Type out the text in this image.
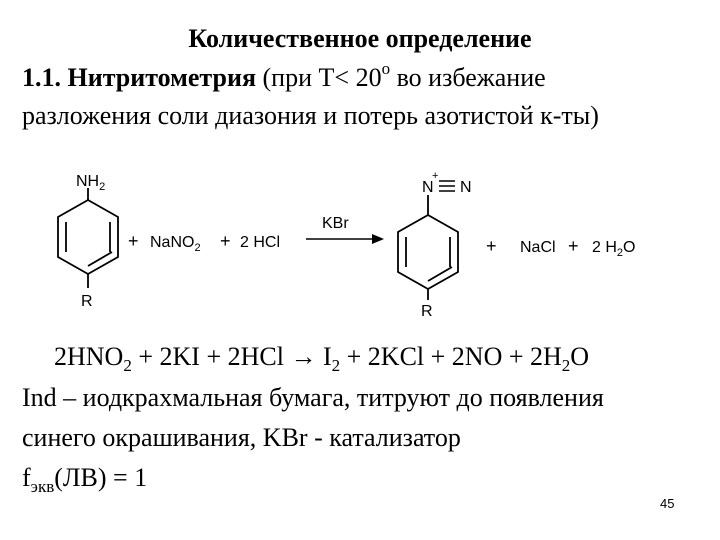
Количественное определение
1.1. Нитритометрия (при $T< 20^о$ во избежание
разложения соли диазония и потерь азотистой к-ты)
$NH_2$
R
+ NaNO$_2$ + 2 HCl
KBr
+
N N
R
+ NaCl + 2 $H_2O$
$2HNO_2 + 2KI + 2HCl \to I_2 + 2KCl + 2NO + 2H_2O$
Ind – иодкрахмальная бумага, титруют до появления
синего окрашивания, KBr - катализатор
$f_{экв}(ЛВ) = 1$
45
